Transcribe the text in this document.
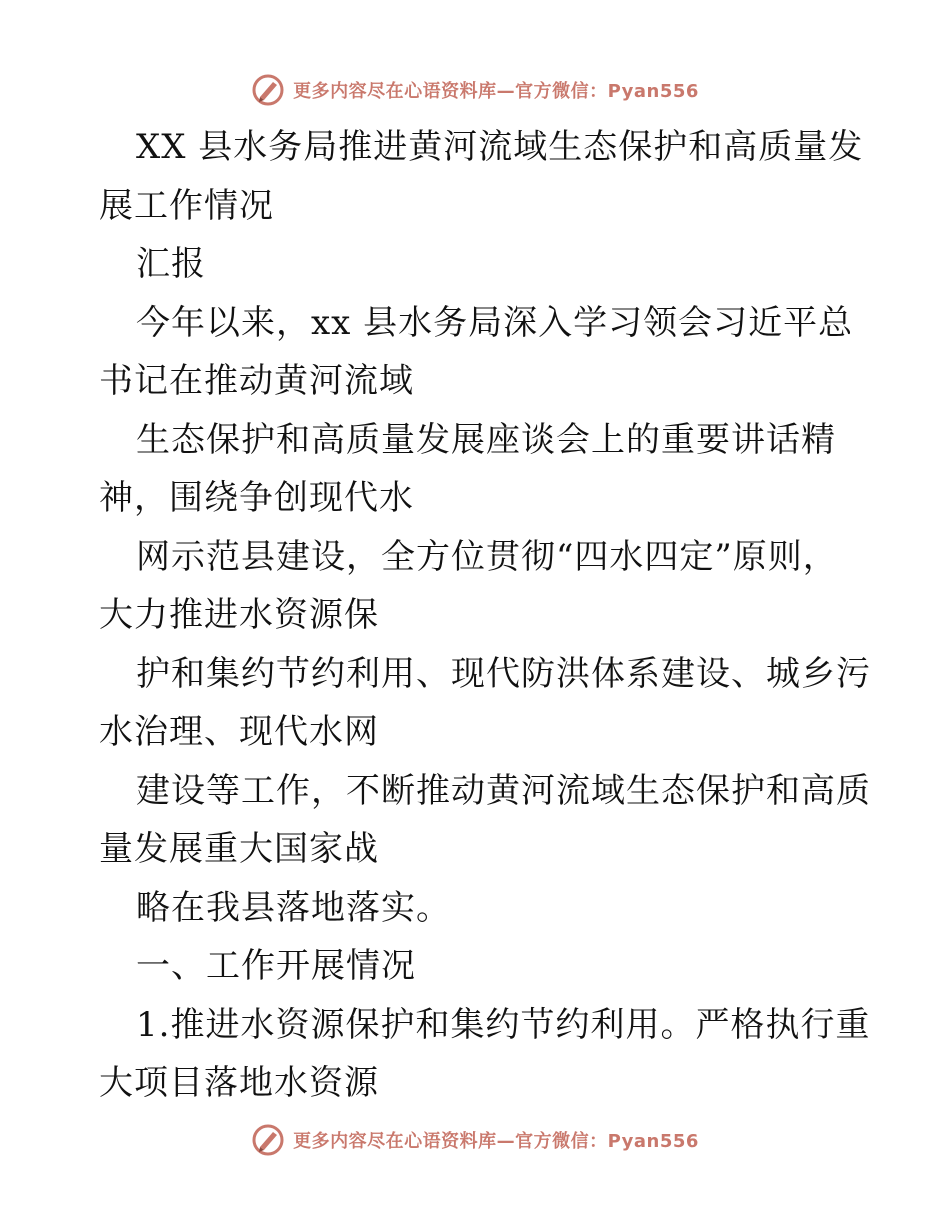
更多内容尽在心语资料库—官方微信：Pyan556
XX 县水务局推进黄河流域生态保护和高质量发
展工作情况
汇报
今年以来，xx 县水务局深入学习领会习近平总
书记在推动黄河流域
生态保护和高质量发展座谈会上的重要讲话精
神，围绕争创现代水
网示范县建设，全方位贯彻“四水四定”原则，
大力推进水资源保
护和集约节约利用、现代防洪体系建设、城乡污
水治理、现代水网
建设等工作，不断推动黄河流域生态保护和高质
量发展重大国家战
略在我县落地落实。
一、工作开展情况
1.推进水资源保护和集约节约利用。严格执行重
大项目落地水资源
更多内容尽在心语资料库—官方微信：Pyan556
